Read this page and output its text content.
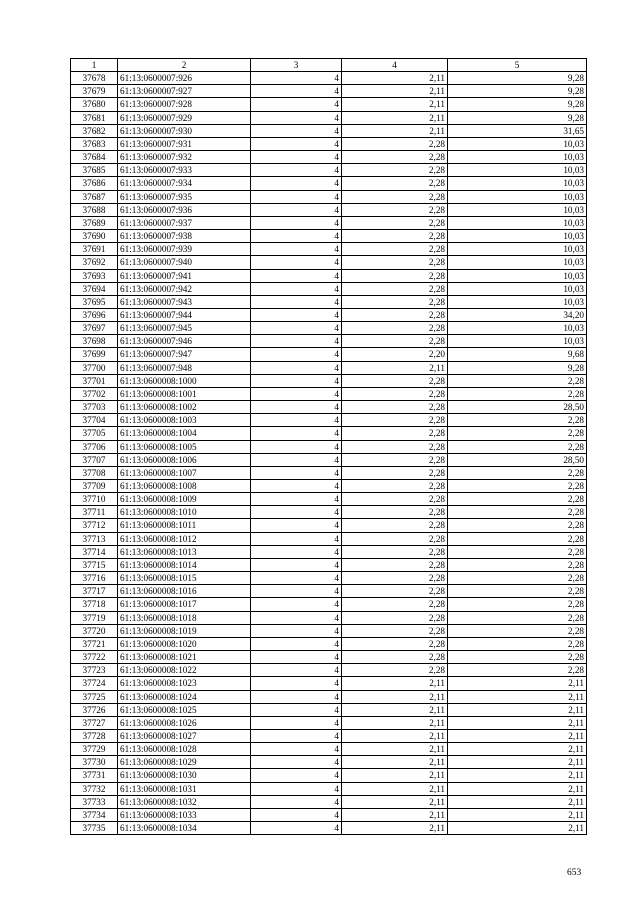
1	2	3	4	5
37678	61:13:0600007:926	4	2,11	9,28
37679	61:13:0600007:927	4	2,11	9,28
37680	61:13:0600007:928	4	2,11	9,28
37681	61:13:0600007:929	4	2,11	9,28
37682	61:13:0600007:930	4	2,11	31,65
37683	61:13:0600007:931	4	2,28	10,03
37684	61:13:0600007:932	4	2,28	10,03
37685	61:13:0600007:933	4	2,28	10,03
37686	61:13:0600007:934	4	2,28	10,03
37687	61:13:0600007:935	4	2,28	10,03
37688	61:13:0600007:936	4	2,28	10,03
37689	61:13:0600007:937	4	2,28	10,03
37690	61:13:0600007:938	4	2,28	10,03
37691	61:13:0600007:939	4	2,28	10,03
37692	61:13:0600007:940	4	2,28	10,03
37693	61:13:0600007:941	4	2,28	10,03
37694	61:13:0600007:942	4	2,28	10,03
37695	61:13:0600007:943	4	2,28	10,03
37696	61:13:0600007:944	4	2,28	34,20
37697	61:13:0600007:945	4	2,28	10,03
37698	61:13:0600007:946	4	2,28	10,03
37699	61:13:0600007:947	4	2,20	9,68
37700	61:13:0600007:948	4	2,11	9,28
37701	61:13:0600008:1000	4	2,28	2,28
37702	61:13:0600008:1001	4	2,28	2,28
37703	61:13:0600008:1002	4	2,28	28,50
37704	61:13:0600008:1003	4	2,28	2,28
37705	61:13:0600008:1004	4	2,28	2,28
37706	61:13:0600008:1005	4	2,28	2,28
37707	61:13:0600008:1006	4	2,28	28,50
37708	61:13:0600008:1007	4	2,28	2,28
37709	61:13:0600008:1008	4	2,28	2,28
37710	61:13:0600008:1009	4	2,28	2,28
37711	61:13:0600008:1010	4	2,28	2,28
37712	61:13:0600008:1011	4	2,28	2,28
37713	61:13:0600008:1012	4	2,28	2,28
37714	61:13:0600008:1013	4	2,28	2,28
37715	61:13:0600008:1014	4	2,28	2,28
37716	61:13:0600008:1015	4	2,28	2,28
37717	61:13:0600008:1016	4	2,28	2,28
37718	61:13:0600008:1017	4	2,28	2,28
37719	61:13:0600008:1018	4	2,28	2,28
37720	61:13:0600008:1019	4	2,28	2,28
37721	61:13:0600008:1020	4	2,28	2,28
37722	61:13:0600008:1021	4	2,28	2,28
37723	61:13:0600008:1022	4	2,28	2,28
37724	61:13:0600008:1023	4	2,11	2,11
37725	61:13:0600008:1024	4	2,11	2,11
37726	61:13:0600008:1025	4	2,11	2,11
37727	61:13:0600008:1026	4	2,11	2,11
37728	61:13:0600008:1027	4	2,11	2,11
37729	61:13:0600008:1028	4	2,11	2,11
37730	61:13:0600008:1029	4	2,11	2,11
37731	61:13:0600008:1030	4	2,11	2,11
37732	61:13:0600008:1031	4	2,11	2,11
37733	61:13:0600008:1032	4	2,11	2,11
37734	61:13:0600008:1033	4	2,11	2,11
37735	61:13:0600008:1034	4	2,11	2,11
653
